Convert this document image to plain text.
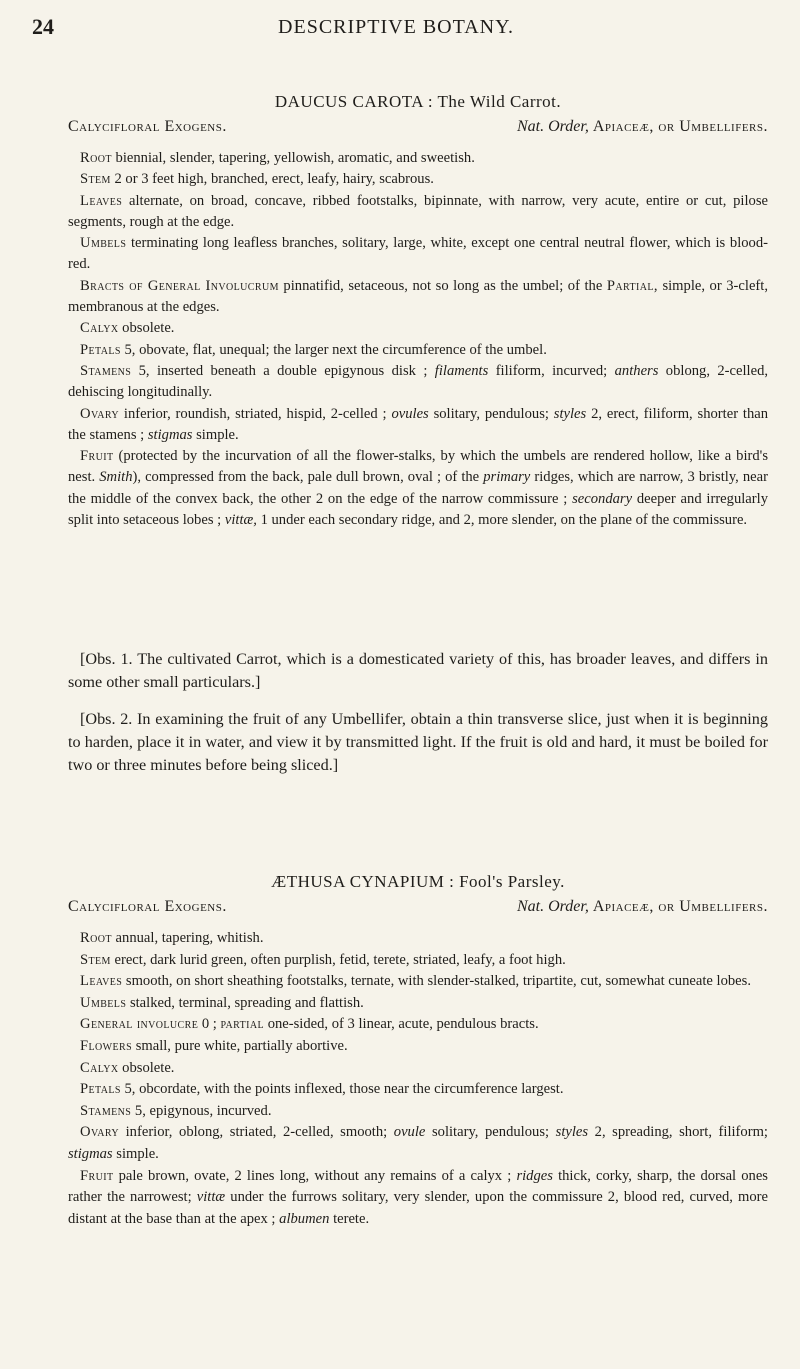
24	DESCRIPTIVE BOTANY.

DAUCUS CAROTA : The Wild Carrot.

Calycifloral Exogens.	Nat. Order, Apiaceæ, or Umbellifers.

Root biennial, slender, tapering, yellowish, aromatic, and sweetish.

Stem 2 or 3 feet high, branched, erect, leafy, hairy, scabrous.

Leaves alternate, on broad, concave, ribbed footstalks, bipinnate, with narrow, very acute, entire or cut, pilose segments, rough at the edge.

Umbels terminating long leafless branches, solitary, large, white, except one central neutral flower, which is blood-red.

Bracts of General Involucrum pinnatifid, setaceous, not so long as the umbel; of the Partial, simple, or 3-cleft, membranous at the edges.

Calyx obsolete.

Petals 5, obovate, flat, unequal; the larger next the circumference of the umbel.

Stamens 5, inserted beneath a double epigynous disk ; filaments filiform, incurved; anthers oblong, 2-celled, dehiscing longitudinally.

Ovary inferior, roundish, striated, hispid, 2-celled ; ovules solitary, pendulous; styles 2, erect, filiform, shorter than the stamens ; stigmas simple.

Fruit (protected by the incurvation of all the flower-stalks, by which the umbels are rendered hollow, like a bird's nest. Smith), compressed from the back, pale dull brown, oval ; of the primary ridges, which are narrow, 3 bristly, near the middle of the convex back, the other 2 on the edge of the narrow commissure ; secondary deeper and irregularly split into setaceous lobes ; vittæ, 1 under each secondary ridge, and 2, more slender, on the plane of the commissure.

[Obs. 1. The cultivated Carrot, which is a domesticated variety of this, has broader leaves, and differs in some other small particulars.]

[Obs. 2. In examining the fruit of any Umbellifer, obtain a thin transverse slice, just when it is beginning to harden, place it in water, and view it by transmitted light. If the fruit is old and hard, it must be boiled for two or three minutes before being sliced.]

ÆTHUSA CYNAPIUM : Fool's Parsley.

Calycifloral Exogens.	Nat. Order, Apiaceæ, or Umbellifers.

Root annual, tapering, whitish.

Stem erect, dark lurid green, often purplish, fetid, terete, striated, leafy, a foot high.

Leaves smooth, on short sheathing footstalks, ternate, with slender-stalked, tripartite, cut, somewhat cuneate lobes.

Umbels stalked, terminal, spreading and flattish.

General involucre 0 ; partial one-sided, of 3 linear, acute, pendulous bracts.

Flowers small, pure white, partially abortive.

Calyx obsolete.

Petals 5, obcordate, with the points inflexed, those near the circumference largest.

Stamens 5, epigynous, incurved.

Ovary inferior, oblong, striated, 2-celled, smooth; ovule solitary, pendulous; styles 2, spreading, short, filiform; stigmas simple.

Fruit pale brown, ovate, 2 lines long, without any remains of a calyx ; ridges thick, corky, sharp, the dorsal ones rather the narrowest; vittæ under the furrows solitary, very slender, upon the commissure 2, blood red, curved, more distant at the base than at the apex ; albumen terete.
